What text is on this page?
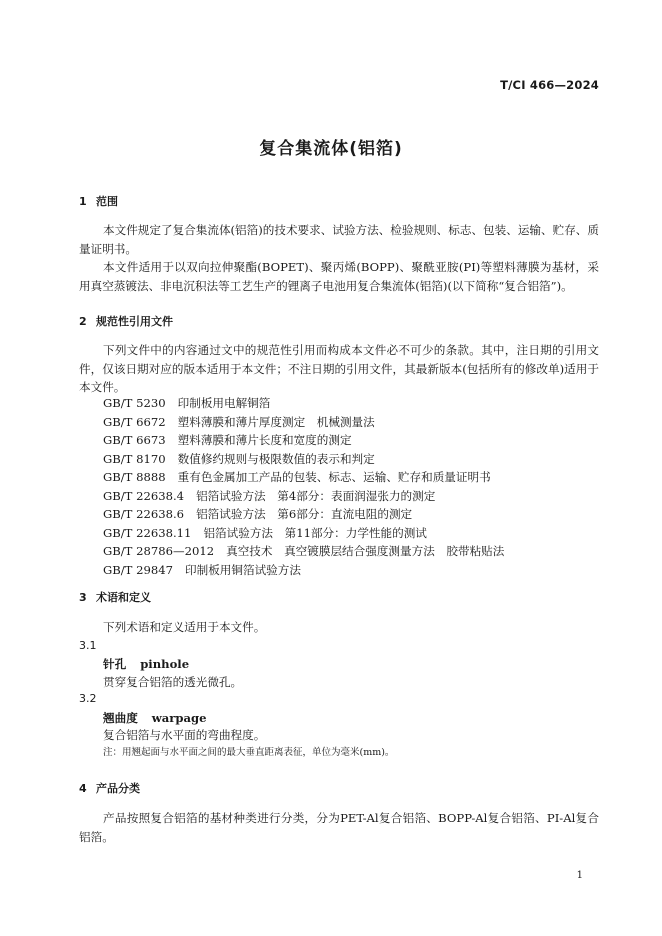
T/CI 466—2024
复合集流体(铝箔)
1 范围
本文件规定了复合集流体(铝箔)的技术要求、试验方法、检验规则、标志、包装、运输、贮存、质量证明书。
本文件适用于以双向拉伸聚酯(BOPET)、聚丙烯(BOPP)、聚酰亚胺(PI)等塑料薄膜为基材，采用真空蒸镀法、非电沉积法等工艺生产的锂离子电池用复合集流体(铝箔)(以下简称“复合铝箔”)。
2 规范性引用文件
下列文件中的内容通过文中的规范性引用而构成本文件必不可少的条款。其中，注日期的引用文件，仅该日期对应的版本适用于本文件；不注日期的引用文件，其最新版本(包括所有的修改单)适用于本文件。
GB/T 5230 印制板用电解铜箔
GB/T 6672 塑料薄膜和薄片厚度测定　机械测量法
GB/T 6673 塑料薄膜和薄片长度和宽度的测定
GB/T 8170 数值修约规则与极限数值的表示和判定
GB/T 8888 重有色金属加工产品的包装、标志、运输、贮存和质量证明书
GB/T 22638.4 铝箔试验方法　第4部分：表面润湿张力的测定
GB/T 22638.6 铝箔试验方法　第6部分：直流电阻的测定
GB/T 22638.11 铝箔试验方法　第11部分：力学性能的测试
GB/T 28786—2012 真空技术　真空镀膜层结合强度测量方法　胶带粘贴法
GB/T 29847 印制板用铜箔试验方法
3 术语和定义
下列术语和定义适用于本文件。
3.1
针孔 pinhole
贯穿复合铝箔的透光微孔。
3.2
翘曲度 warpage
复合铝箔与水平面的弯曲程度。
注：用翘起面与水平面之间的最大垂直距离表征，单位为毫米(mm)。
4 产品分类
产品按照复合铝箔的基材种类进行分类，分为PET-Al复合铝箔、BOPP-Al复合铝箔、PI-Al复合铝箔。
1
